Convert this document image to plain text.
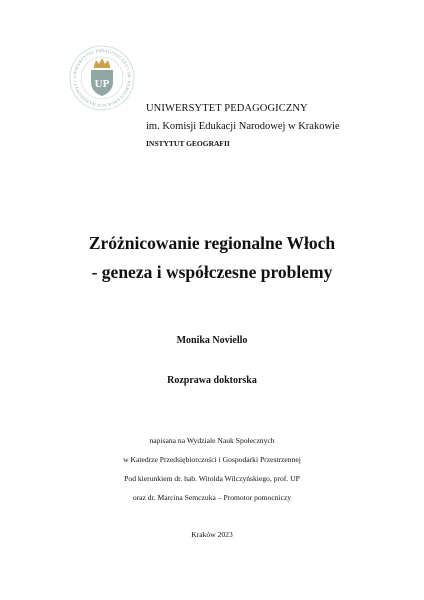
UNIWERSYTET PEDAGOGICZNY • IM. KOMISJI EDUKACJI NARODOWEJ •	UP
UNIWERSYTET PEDAGOGICZNY
im. Komisji Edukacji Narodowej w Krakowie
INSTYTUT GEOGRAFII
Zróżnicowanie regionalne Włoch
- geneza i współczesne problemy
Monika Noviello
Rozprawa doktorska
napisana na Wydziale Nauk Społecznych
w Katedrze Przedsiębiorczości i Gospodarki Przestrzennej
Pod kierunkiem dr. hab. Witolda Wilczyńskiego, prof. UP
oraz dr. Marcina Semczuka – Promotor pomocniczy
Kraków 2023
